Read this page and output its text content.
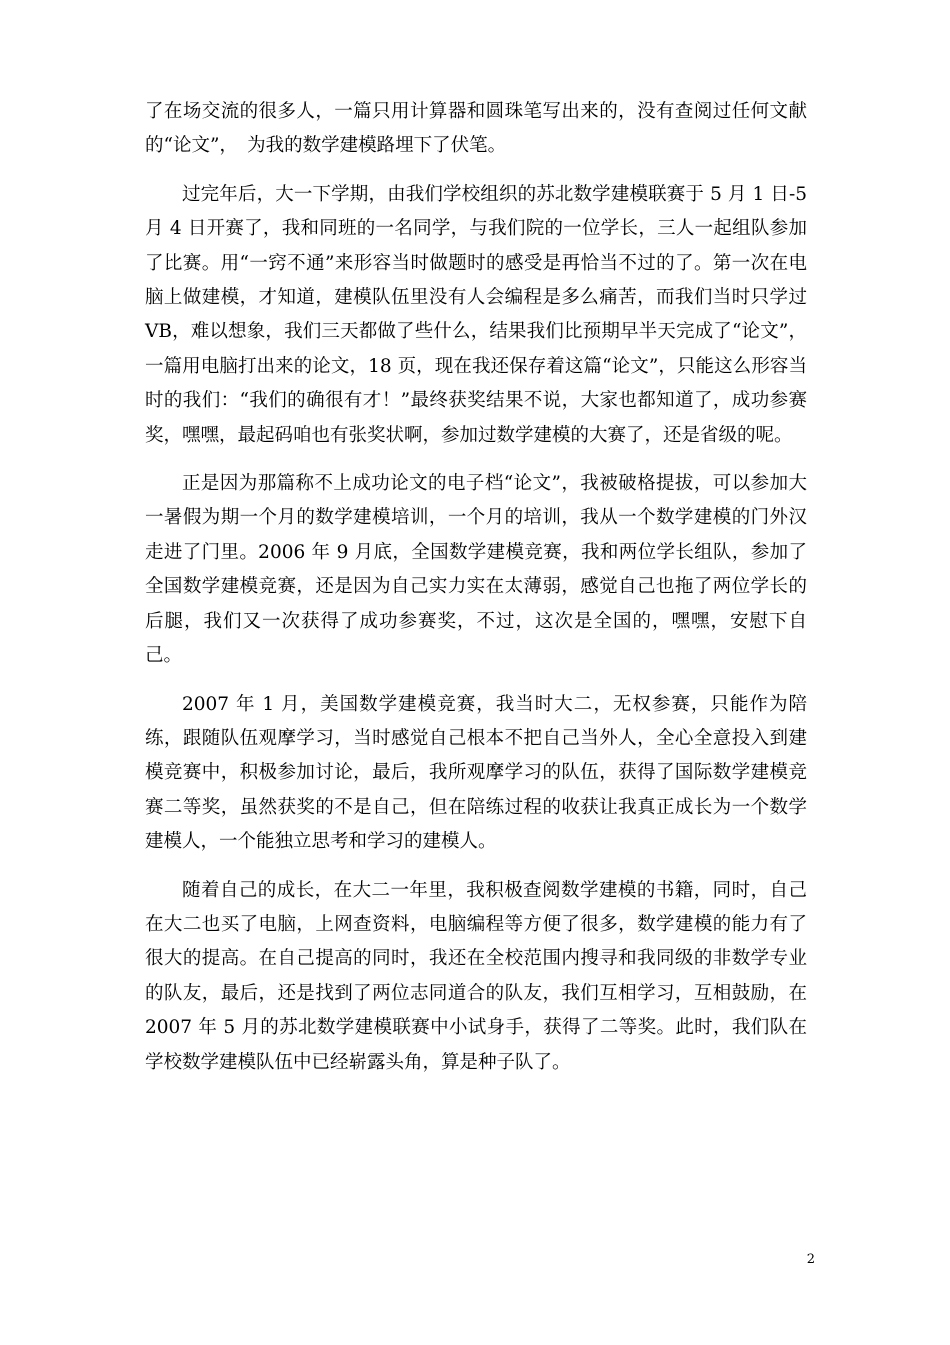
了在场交流的很多人，一篇只用计算器和圆珠笔写出来的，没有查阅过任何文献的“论文”，　为我的数学建模路埋下了伏笔。

过完年后，大一下学期，由我们学校组织的苏北数学建模联赛于 5 月 1 日-5 月 4 日开赛了，我和同班的一名同学，与我们院的一位学长，三人一起组队参加了比赛。用“一窍不通”来形容当时做题时的感受是再恰当不过的了。第一次在电脑上做建模，才知道，建模队伍里没有人会编程是多么痛苦，而我们当时只学过 VB，难以想象，我们三天都做了些什么，结果我们比预期早半天完成了“论文”，一篇用电脑打出来的论文，18 页，现在我还保存着这篇“论文”，只能这么形容当时的我们：“我们的确很有才！”最终获奖结果不说，大家也都知道了，成功参赛奖，嘿嘿，最起码咱也有张奖状啊，参加过数学建模的大赛了，还是省级的呢。

正是因为那篇称不上成功论文的电子档“论文”，我被破格提拔，可以参加大一暑假为期一个月的数学建模培训，一个月的培训，我从一个数学建模的门外汉走进了门里。2006 年 9 月底，全国数学建模竞赛，我和两位学长组队，参加了全国数学建模竞赛，还是因为自己实力实在太薄弱，感觉自己也拖了两位学长的后腿，我们又一次获得了成功参赛奖，不过，这次是全国的，嘿嘿，安慰下自己。

2007 年 1 月，美国数学建模竞赛，我当时大二，无权参赛，只能作为陪练，跟随队伍观摩学习，当时感觉自己根本不把自己当外人，全心全意投入到建模竞赛中，积极参加讨论，最后，我所观摩学习的队伍，获得了国际数学建模竞赛二等奖，虽然获奖的不是自己，但在陪练过程的收获让我真正成长为一个数学建模人，一个能独立思考和学习的建模人。

随着自己的成长，在大二一年里，我积极查阅数学建模的书籍，同时，自己在大二也买了电脑，上网查资料，电脑编程等方便了很多，数学建模的能力有了很大的提高。在自己提高的同时，我还在全校范围内搜寻和我同级的非数学专业的队友，最后，还是找到了两位志同道合的队友，我们互相学习，互相鼓励，在 2007 年 5 月的苏北数学建模联赛中小试身手，获得了二等奖。此时，我们队在学校数学建模队伍中已经崭露头角，算是种子队了。

2
